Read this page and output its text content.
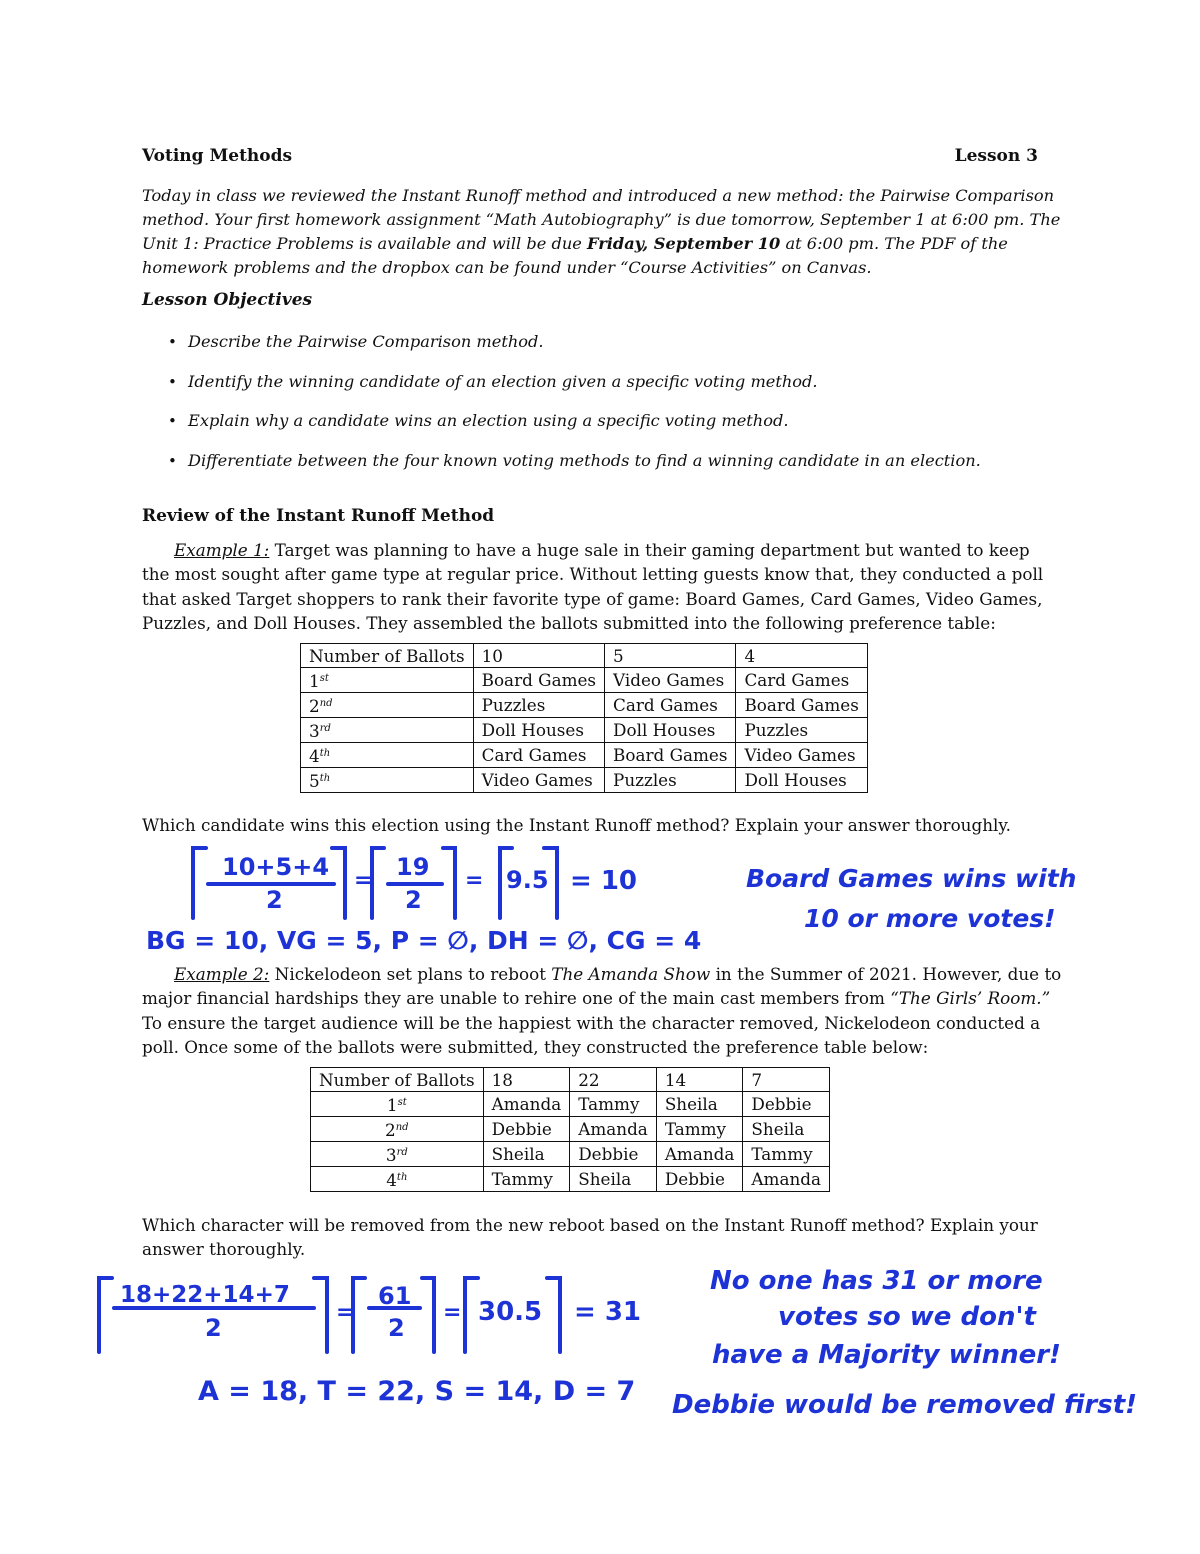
Voting Methods	Lesson 3

Today in class we reviewed the Instant Runoff method and introduced a new method: the Pairwise Comparison method. Your first homework assignment “Math Autobiography” is due tomorrow, September 1 at 6:00 pm. The Unit 1: Practice Problems is available and will be due Friday, September 10 at 6:00 pm. The PDF of the homework problems and the dropbox can be found under “Course Activities” on Canvas.

Lesson Objectives
• Describe the Pairwise Comparison method.
• Identify the winning candidate of an election given a specific voting method.
• Explain why a candidate wins an election using a specific voting method.
• Differentiate between the four known voting methods to find a winning candidate in an election.
Review of the Instant Runoff Method

Example 1: Target was planning to have a huge sale in their gaming department but wanted to keep the most sought after game type at regular price. Without letting guests know that, they conducted a poll that asked Target shoppers to rank their favorite type of game: Board Games, Card Games, Video Games, Puzzles, and Doll Houses. They assembled the ballots submitted into the following preference table:

Number of Ballots	10	5	4
1st	Board Games	Video Games	Card Games
2nd	Puzzles	Card Games	Board Games
3rd	Doll Houses	Doll Houses	Puzzles
4th	Card Games	Board Games	Video Games
5th	Video Games	Puzzles	Doll Houses

Which candidate wins this election using the Instant Runoff method? Explain your answer thoroughly.

10+5+4
2
= 19
2
= 9.5 = 10
BG = 10, VG = 5, P = ∅, DH = ∅, CG = 4
Board Games wins with
10 or more votes!

Example 2: Nickelodeon set plans to reboot The Amanda Show in the Summer of 2021. However, due to major financial hardships they are unable to rehire one of the main cast members from “The Girls’ Room.” To ensure the target audience will be the happiest with the character removed, Nickelodeon conducted a poll. Once some of the ballots were submitted, they constructed the preference table below:

Number of Ballots	18	22	14	7
1st	Amanda	Tammy	Sheila	Debbie
2nd	Debbie	Amanda	Tammy	Sheila
3rd	Sheila	Debbie	Amanda	Tammy
4th	Tammy	Sheila	Debbie	Amanda

Which character will be removed from the new reboot based on the Instant Runoff method? Explain your answer thoroughly.

18+22+14+7
2
=
61
2
= 30.5 = 31
A = 18, T = 22, S = 14, D = 7
No one has 31 or more
votes so we don't
have a Majority winner!
Debbie would be removed first!
